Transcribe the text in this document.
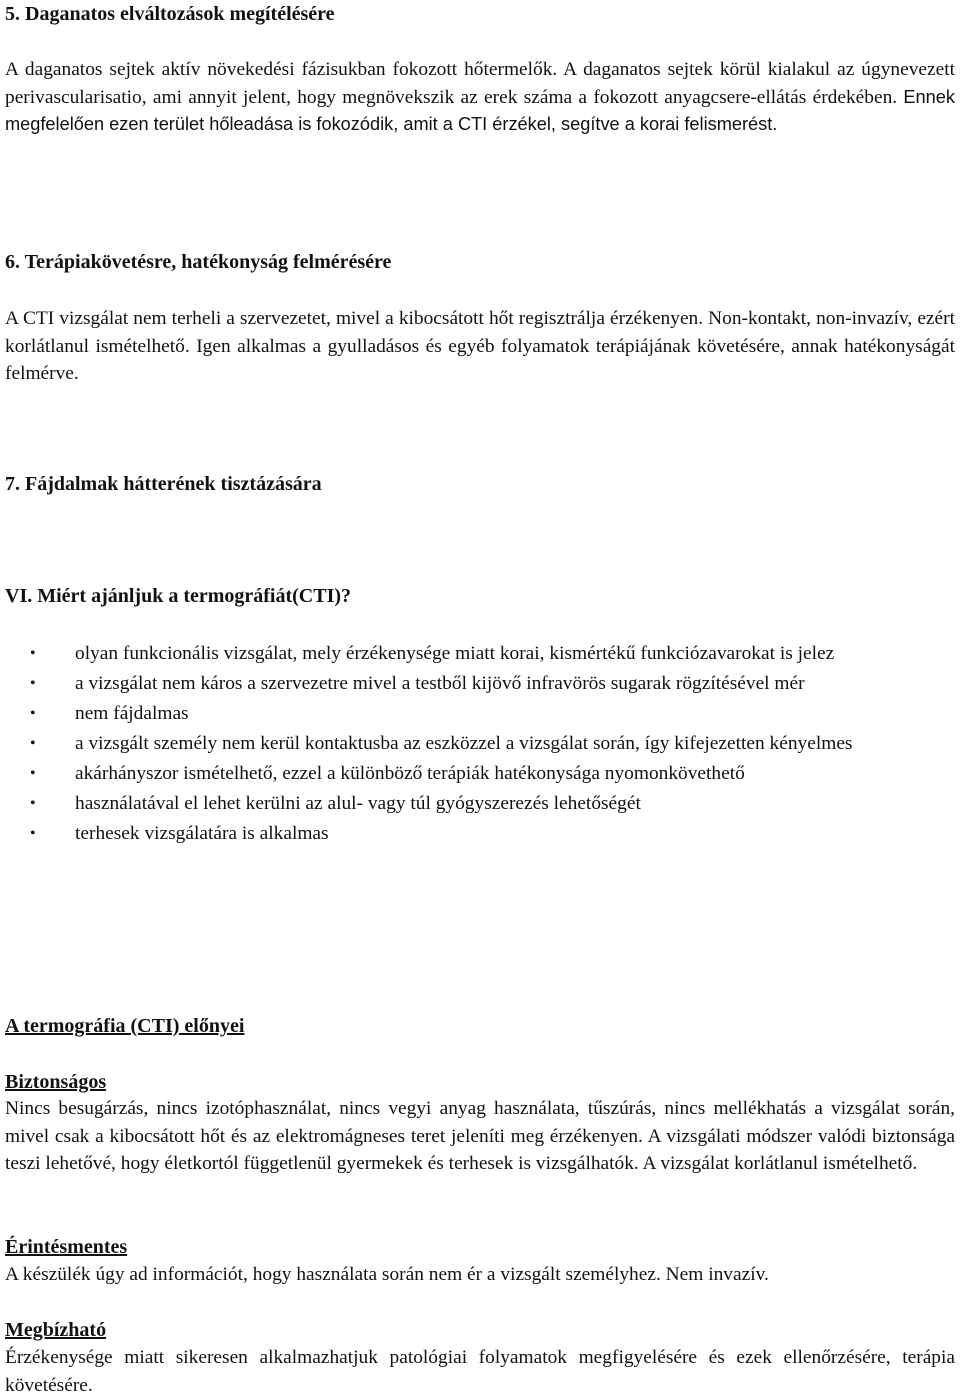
5. Daganatos elváltozások megítélésére
A daganatos sejtek aktív növekedési fázisukban fokozott hőtermelők. A daganatos sejtek körül kialakul az úgynevezett perivascularisatio, ami annyit jelent, hogy megnövekszik az erek száma a fokozott anyagcsere-ellátás érdekében. Ennek megfelelően ezen terület hőleadása is fokozódik, amit a CTI érzékel, segítve a korai felismerést.
6. Terápiakövetésre, hatékonyság felmérésére
A CTI vizsgálat nem terheli a szervezetet, mivel a kibocsátott hőt regisztrálja érzékenyen. Non-kontakt, non-invazív, ezért korlátlanul ismételhető. Igen alkalmas a gyulladásos és egyéb folyamatok terápiájának követésére, annak hatékonyságát felmérve.
7. Fájdalmak hátterének tisztázására
VI. Miért ajánljuk a termográfiát(CTI)?
• olyan funkcionális vizsgálat, mely érzékenysége miatt korai, kismértékű funkciózavarokat is jelez
• a vizsgálat nem káros a szervezetre mivel a testből kijövő infravörös sugarak rögzítésével mér
• nem fájdalmas
• a vizsgált személy nem kerül kontaktusba az eszközzel a vizsgálat során, így kifejezetten kényelmes
• akárhányszor ismételhető, ezzel a különböző terápiák hatékonysága nyomonkövethető
• használatával el lehet kerülni az alul- vagy túl gyógyszerezés lehetőségét
• terhesek vizsgálatára is alkalmas
A termográfia (CTI) előnyei
Biztonságos
Nincs besugárzás, nincs izotóphasználat, nincs vegyi anyag használata, tűszúrás, nincs mellékhatás a vizsgálat során, mivel csak a kibocsátott hőt és az elektromágneses teret jeleníti meg érzékenyen. A vizsgálati módszer valódi biztonsága teszi lehetővé, hogy életkortól függetlenül gyermekek és terhesek is vizsgálhatók. A vizsgálat korlátlanul ismételhető.
Érintésmentes
A készülék úgy ad információt, hogy használata során nem ér a vizsgált személyhez. Nem invazív.
Megbízható
Érzékenysége miatt sikeresen alkalmazhatjuk patológiai folyamatok megfigyelésére és ezek ellenőrzésére, terápia követésére.
